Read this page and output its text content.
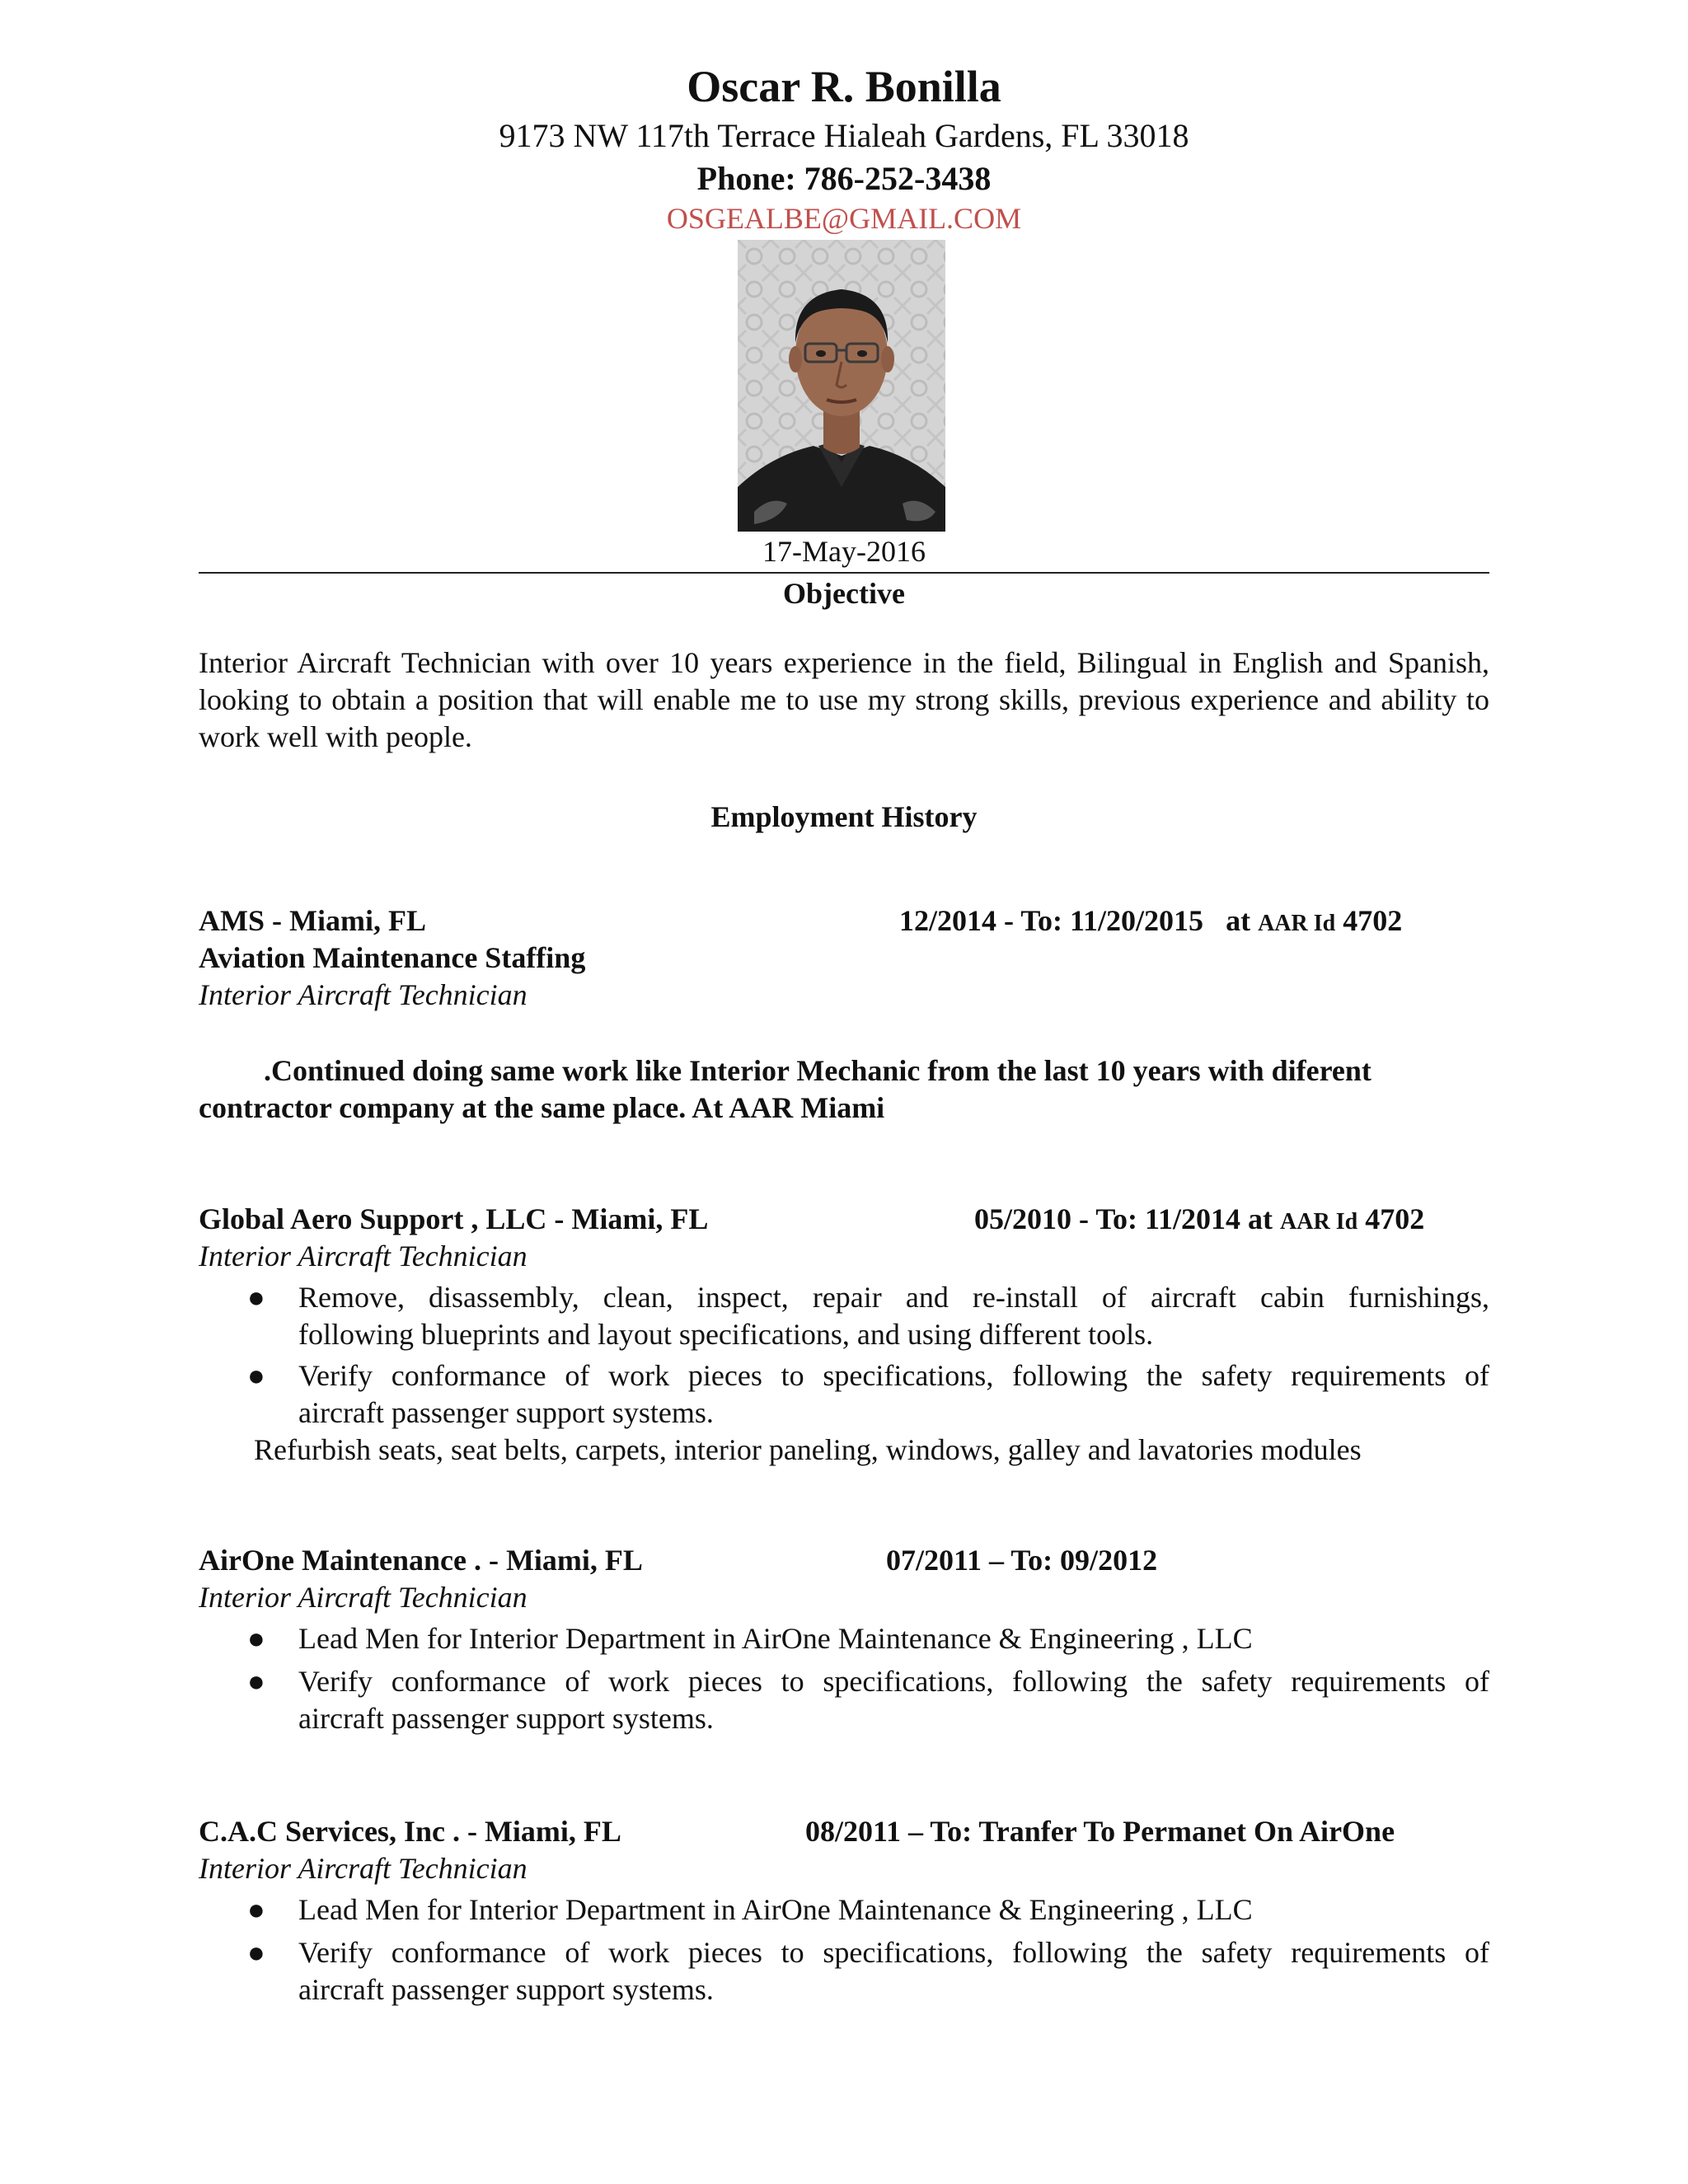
Oscar R. Bonilla
9173 NW 117th Terrace Hialeah Gardens, FL 33018
Phone: 786-252-3438
OSGEALBE@GMAIL.COM
17-May-2016
Objective
Interior Aircraft Technician with over 10 years experience in the field, Bilingual in English and Spanish, looking to obtain a position that will enable me to use my strong skills, previous experience and ability to work well with people.
Employment History
AMS - Miami, FL	12/2014 - To: 11/20/2015 at AAR Id 4702
Aviation Maintenance Staffing
Interior Aircraft Technician
.Continued doing same work like Interior Mechanic from the last 10 years with diferent
contractor company at the same place. At AAR Miami
Global Aero Support , LLC - Miami, FL	05/2010 - To: 11/2014 at AAR Id 4702
Interior Aircraft Technician
● Remove, disassembly, clean, inspect, repair and re-install of aircraft cabin furnishings,
following blueprints and layout specifications, and using different tools.
● Verify conformance of work pieces to specifications, following the safety requirements of
aircraft passenger support systems.
Refurbish seats, seat belts, carpets, interior paneling, windows, galley and lavatories modules
AirOne Maintenance . - Miami, FL	07/2011 – To: 09/2012
Interior Aircraft Technician
● Lead Men for Interior Department in AirOne Maintenance & Engineering , LLC
● Verify conformance of work pieces to specifications, following the safety requirements of
aircraft passenger support systems.
C.A.C Services, Inc . - Miami, FL	08/2011 – To: Tranfer To Permanet On AirOne
Interior Aircraft Technician
● Lead Men for Interior Department in AirOne Maintenance & Engineering , LLC
● Verify conformance of work pieces to specifications, following the safety requirements of
aircraft passenger support systems.
